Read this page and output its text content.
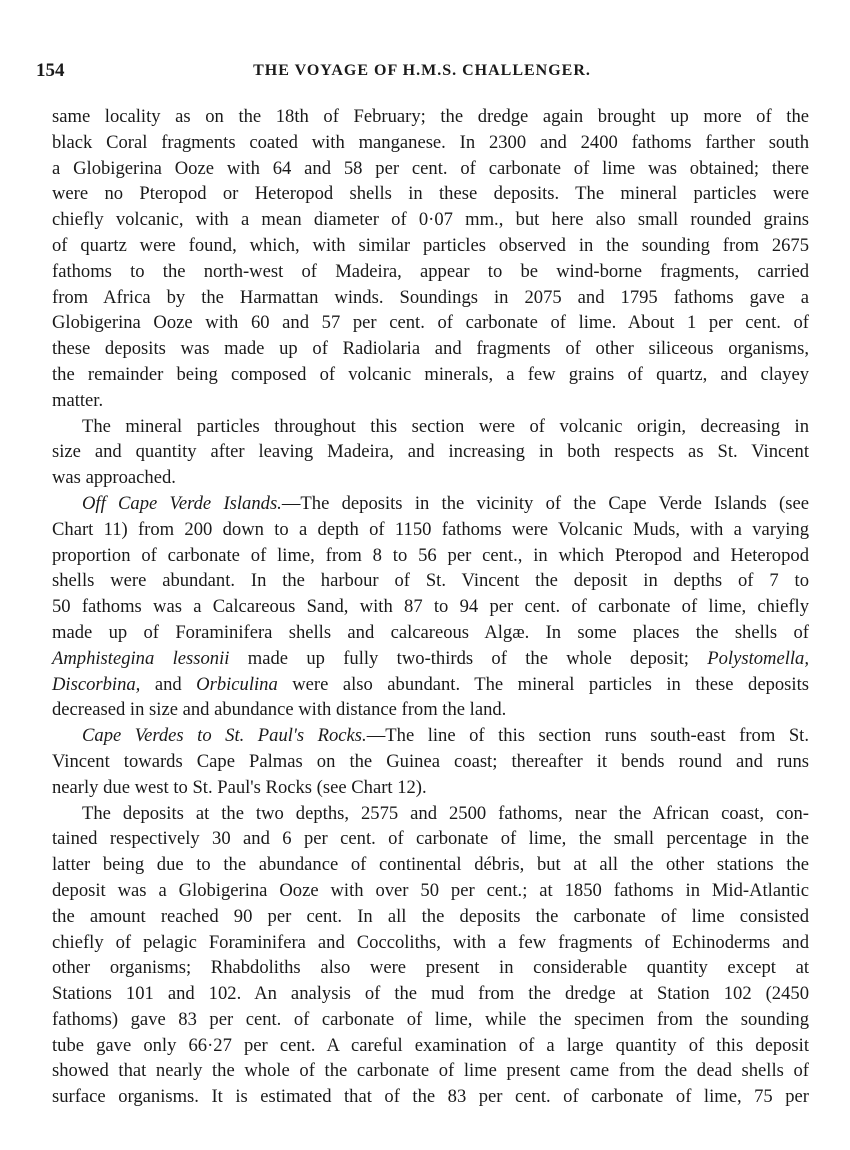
154	THE VOYAGE OF H.M.S. CHALLENGER.
same locality as on the 18th of February; the dredge again brought up more of the
black Coral fragments coated with manganese. In 2300 and 2400 fathoms farther south
a Globigerina Ooze with 64 and 58 per cent. of carbonate of lime was obtained; there
were no Pteropod or Heteropod shells in these deposits. The mineral particles were
chiefly volcanic, with a mean diameter of 0·07 mm., but here also small rounded grains
of quartz were found, which, with similar particles observed in the sounding from 2675
fathoms to the north-west of Madeira, appear to be wind-borne fragments, carried
from Africa by the Harmattan winds. Soundings in 2075 and 1795 fathoms gave a
Globigerina Ooze with 60 and 57 per cent. of carbonate of lime. About 1 per cent. of
these deposits was made up of Radiolaria and fragments of other siliceous organisms,
the remainder being composed of volcanic minerals, a few grains of quartz, and clayey
matter.
The mineral particles throughout this section were of volcanic origin, decreasing in
size and quantity after leaving Madeira, and increasing in both respects as St. Vincent
was approached.
Off Cape Verde Islands.—The deposits in the vicinity of the Cape Verde Islands (see
Chart 11) from 200 down to a depth of 1150 fathoms were Volcanic Muds, with a varying
proportion of carbonate of lime, from 8 to 56 per cent., in which Pteropod and Heteropod
shells were abundant. In the harbour of St. Vincent the deposit in depths of 7 to
50 fathoms was a Calcareous Sand, with 87 to 94 per cent. of carbonate of lime, chiefly
made up of Foraminifera shells and calcareous Algæ. In some places the shells of
Amphistegina lessonii made up fully two-thirds of the whole deposit; Polystomella,
Discorbina, and Orbiculina were also abundant. The mineral particles in these deposits
decreased in size and abundance with distance from the land.
Cape Verdes to St. Paul's Rocks.—The line of this section runs south-east from St.
Vincent towards Cape Palmas on the Guinea coast; thereafter it bends round and runs
nearly due west to St. Paul's Rocks (see Chart 12).
The deposits at the two depths, 2575 and 2500 fathoms, near the African coast, con-
tained respectively 30 and 6 per cent. of carbonate of lime, the small percentage in the
latter being due to the abundance of continental débris, but at all the other stations the
deposit was a Globigerina Ooze with over 50 per cent.; at 1850 fathoms in Mid-Atlantic
the amount reached 90 per cent. In all the deposits the carbonate of lime consisted
chiefly of pelagic Foraminifera and Coccoliths, with a few fragments of Echinoderms and
other organisms; Rhabdoliths also were present in considerable quantity except at
Stations 101 and 102. An analysis of the mud from the dredge at Station 102 (2450
fathoms) gave 83 per cent. of carbonate of lime, while the specimen from the sounding
tube gave only 66·27 per cent. A careful examination of a large quantity of this deposit
showed that nearly the whole of the carbonate of lime present came from the dead shells of
surface organisms. It is estimated that of the 83 per cent. of carbonate of lime, 75 per
